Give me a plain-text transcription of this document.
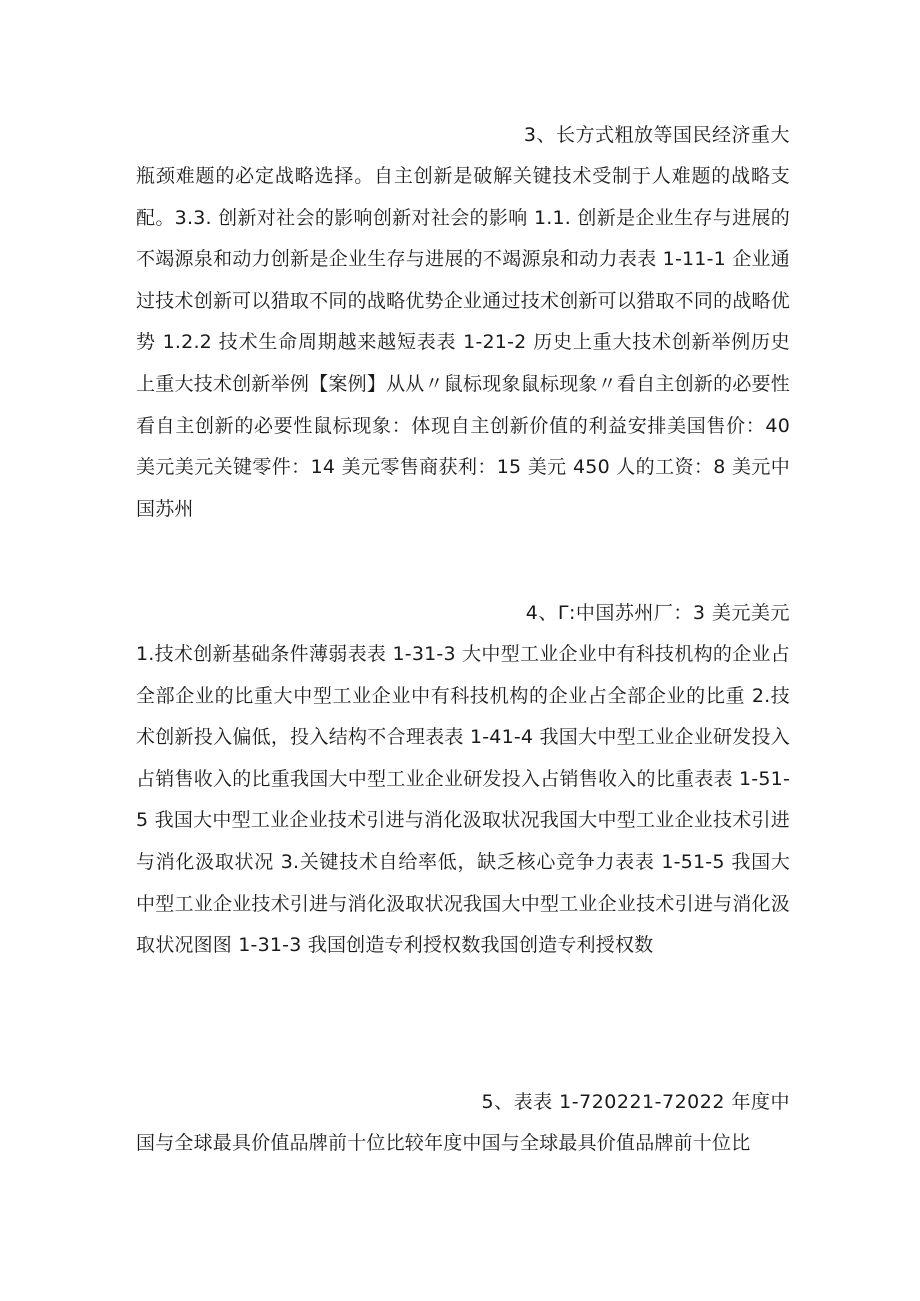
3、长方式粗放等国民经济重大
瓶颈难题的必定战略选择。自主创新是破解关键技术受制于人难题的战略支配。3.3. 创新对社会的影响创新对社会的影响 1.1. 创新是企业生存与进展的不竭源泉和动力创新是企业生存与进展的不竭源泉和动力表表 1-11-1 企业通过技术创新可以猎取不同的战略优势企业通过技术创新可以猎取不同的战略优势 1.2.2 技术生命周期越来越短表表 1-21-2 历史上重大技术创新举例历史上重大技术创新举例【案例】从从〃鼠标现象鼠标现象〃看自主创新的必要性看自主创新的必要性鼠标现象：体现自主创新价值的利益安排美国售价：40 美元美元关键零件：14 美元零售商获利：15 美元 450 人的工资：8 美元中国苏州
4、Γ:中国苏州厂：3 美元美元
1.技术创新基础条件薄弱表表 1-31-3 大中型工业企业中有科技机构的企业占全部企业的比重大中型工业企业中有科技机构的企业占全部企业的比重 2.技术创新投入偏低，投入结构不合理表表 1-41-4 我国大中型工业企业研发投入占销售收入的比重我国大中型工业企业研发投入占销售收入的比重表表 1-51-5 我国大中型工业企业技术引进与消化汲取状况我国大中型工业企业技术引进与消化汲取状况 3.关键技术自给率低，缺乏核心竞争力表表 1-51-5 我国大中型工业企业技术引进与消化汲取状况我国大中型工业企业技术引进与消化汲取状况图图 1-31-3 我国创造专利授权数我国创造专利授权数
5、表表 1-720221-72022 年度中
国与全球最具价值品牌前十位比较年度中国与全球最具价值品牌前十位比
